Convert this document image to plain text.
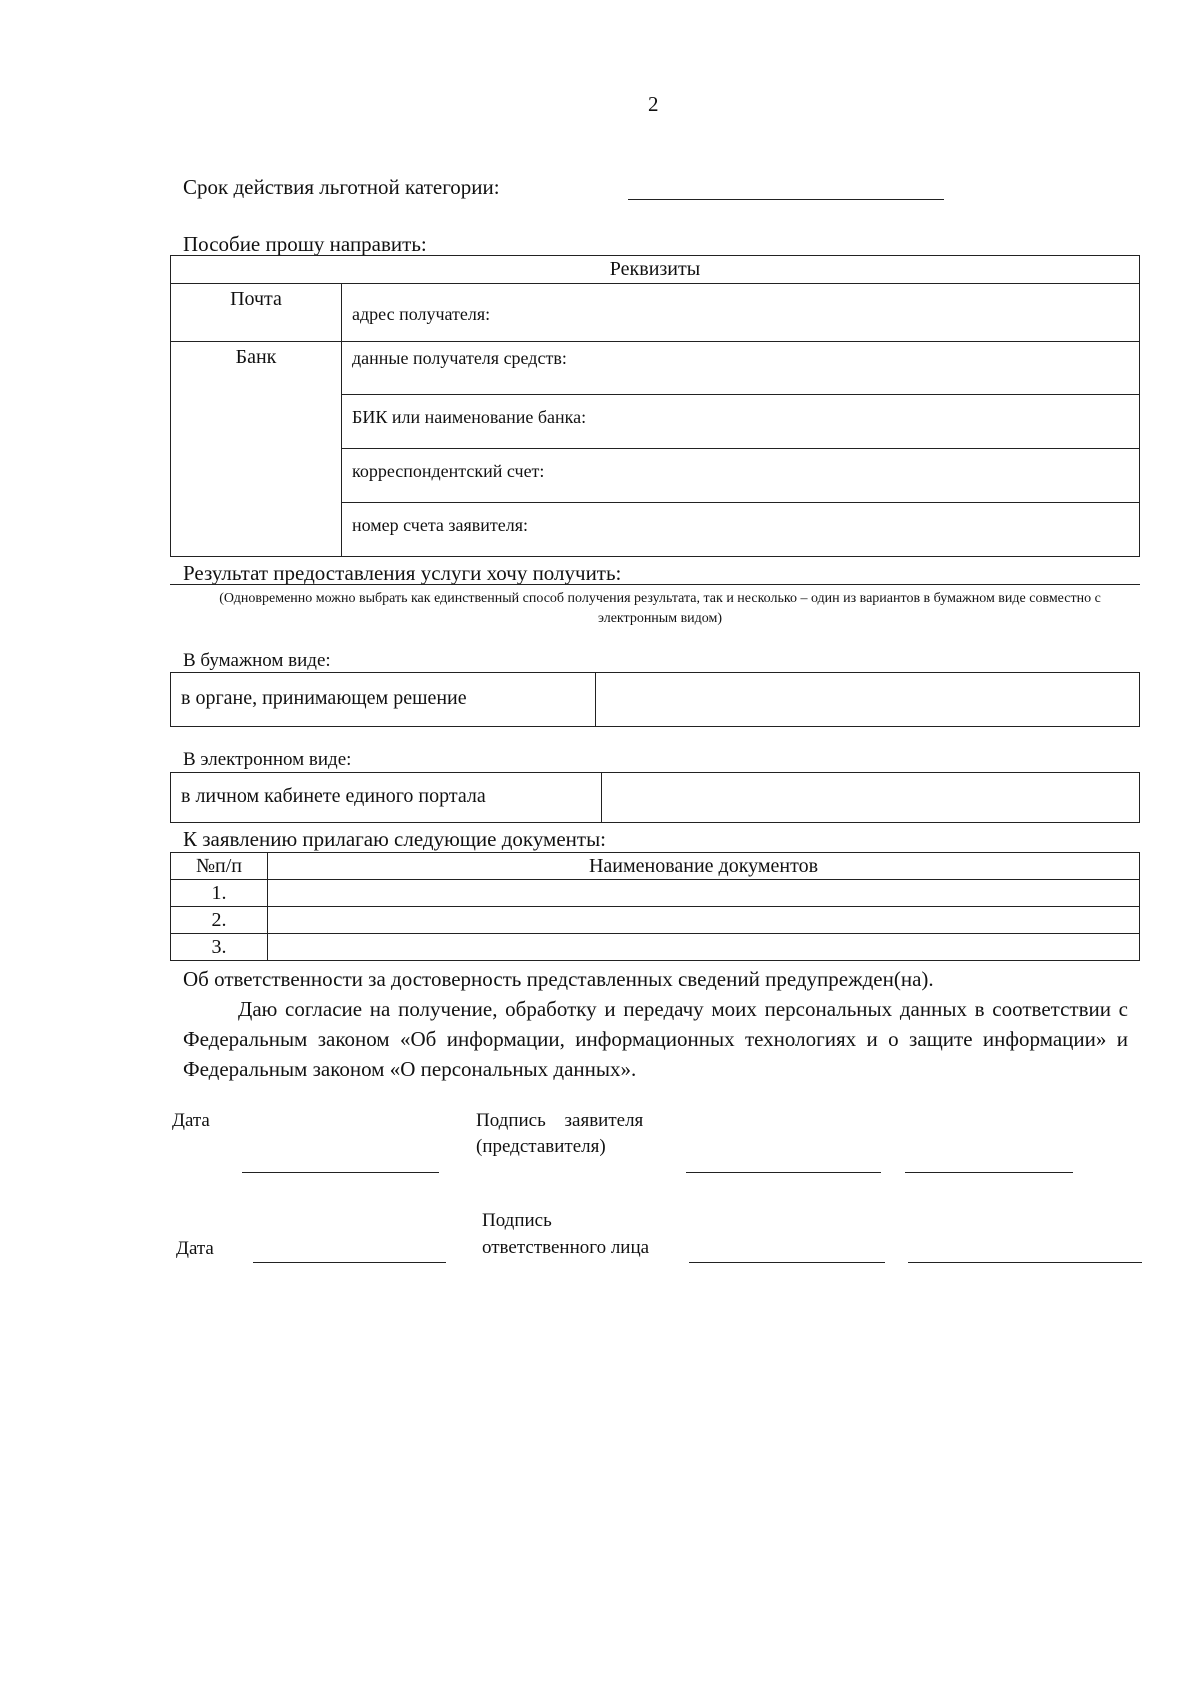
2
Срок действия льготной категории:
Пособие прошу направить:
Реквизиты	
Почта	адрес получателя:
Банк	данные получателя средств:
	БИК или наименование банка:
	корреспондентский счет:
	номер счета заявителя:
Результат предоставления услуги хочу получить:
(Одновременно можно выбрать как единственный способ получения результата, так и несколько – один из вариантов в бумажном виде совместно с электронным видом)
В бумажном виде:
в органе, принимающем решение
В электронном виде:
в личном кабинете единого портала
К заявлению прилагаю следующие документы:
№п/п	Наименование документов
1.	
2.	
3.	
Об ответственности за достоверность представленных сведений предупрежден(на).
Даю согласие на получение, обработку и передачу моих персональных данных в соответствии с Федеральным законом «Об информации, информационных технологиях и о защите информации» и Федеральным законом «О персональных данных».
Дата	Подпись заявителя
(представителя)
Подпись
ответственного лица
Дата
